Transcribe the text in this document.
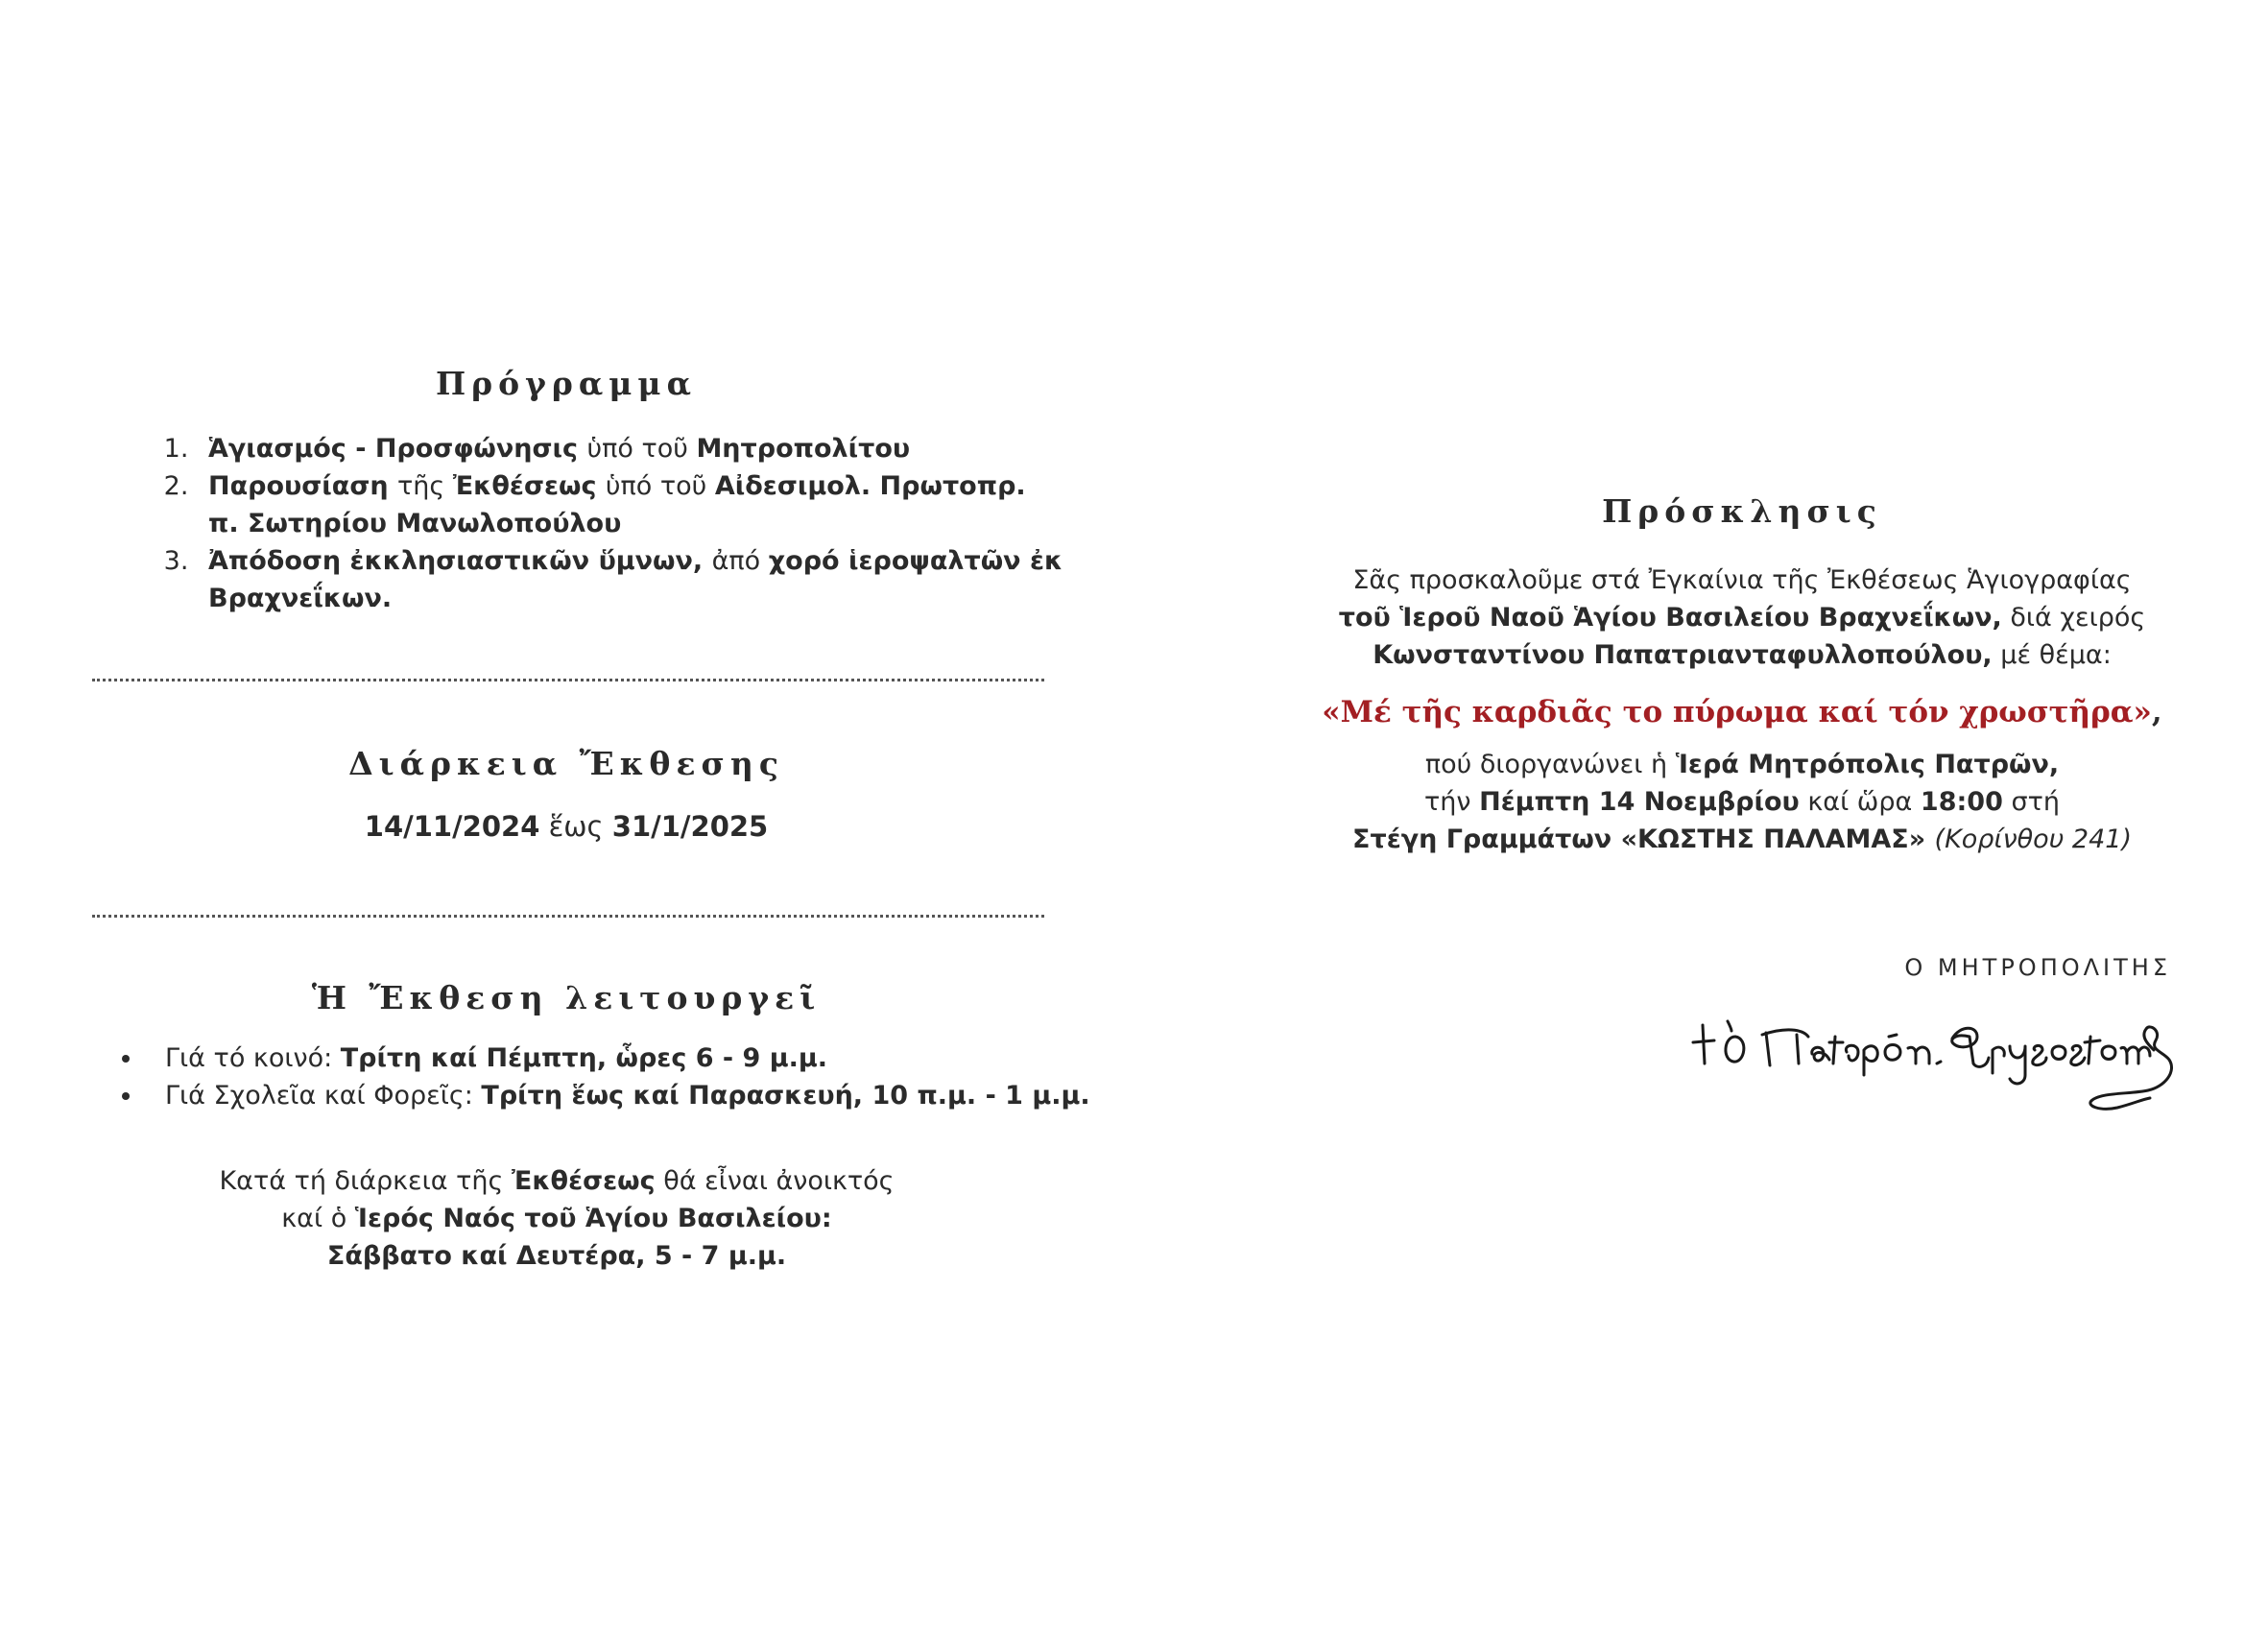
Πρόγραμμα
1. Ἁγιασμός - Προσφώνησις ὑπό τοῦ Μητροπολίτου
2. Παρουσίαση τῆς Ἐκθέσεως ὑπό τοῦ Αἰδεσιμολ. Πρωτοπρ.
π. Σωτηρίου Μανωλοπούλου
3. Ἀπόδοση ἐκκλησιαστικῶν ὕμνων, ἀπό χορό ἱεροψαλτῶν ἐκ
Βραχνεΐκων.
Διάρκεια Ἔκθεσης
14/11/2024 ἕως 31/1/2025
Ἡ Ἔκθεση λειτουργεῖ
• Γιά τό κοινό: Τρίτη καί Πέμπτη, ὧρες 6 - 9 μ.μ.
• Γιά Σχολεῖα καί Φορεῖς: Τρίτη ἕως καί Παρασκευή, 10 π.μ. - 1 μ.μ.
Κατά τή διάρκεια τῆς Ἐκθέσεως θά εἶναι ἀνοικτός
καί ὁ Ἱερός Ναός τοῦ Ἁγίου Βασιλείου:
Σάββατο καί Δευτέρα, 5 - 7 μ.μ.
Πρόσκλησις
Σᾶς προσκαλοῦμε στά Ἐγκαίνια τῆς Ἐκθέσεως Ἁγιογραφίας
τοῦ Ἱεροῦ Ναοῦ Ἁγίου Βασιλείου Βραχνεΐκων, διά χειρός
Κωνσταντίνου Παπατριανταφυλλοπούλου, μέ θέμα:
«Μέ τῆς καρδιᾶς το πύρωμα καί τόν χρωστῆρα»,
πού διοργανώνει ἡ Ἱερά Μητρόπολις Πατρῶν,
τήν Πέμπτη 14 Νοεμβρίου καί ὥρα 18:00 στή
Στέγη Γραμμάτων «ΚΩΣΤΗΣ ΠΑΛΑΜΑΣ» (Κορίνθου 241)
Ο ΜΗΤΡΟΠΟΛΙΤΗΣ
